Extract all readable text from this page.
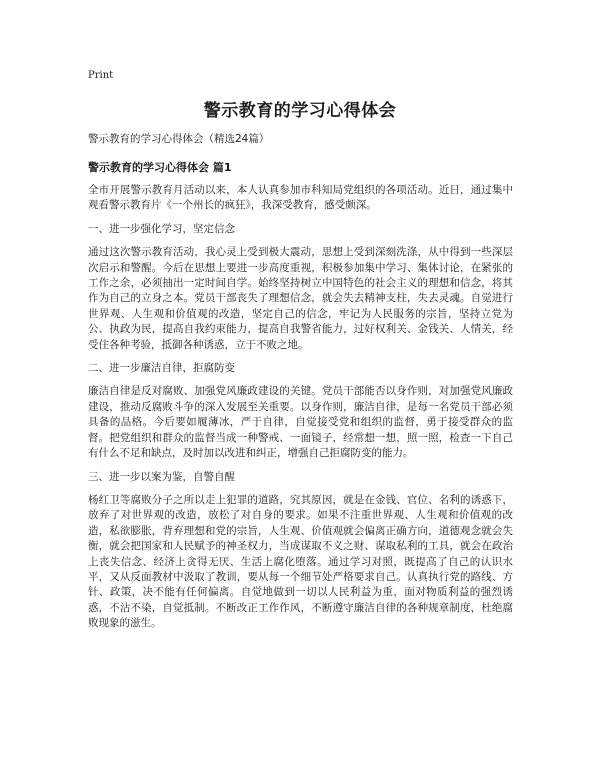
Print
警示教育的学习心得体会
警示教育的学习心得体会（精选24篇）
警示教育的学习心得体会 篇1

全市开展警示教育月活动以来，本人认真参加市科知局党组织的各项活动。近日，通过集中观看警示教育片《一个州长的疯狂》，我深受教育，感受颇深。

一、进一步强化学习，坚定信念

通过这次警示教育活动，我心灵上受到极大震动，思想上受到深刻洗涤，从中得到一些深层次启示和警醒。今后在思想上要进一步高度重视，积极参加集中学习、集体讨论，在紧张的工作之余，必须抽出一定时间自学。始终坚持树立中国特色的社会主义的理想和信念，将其作为自己的立身之本。党员干部丧失了理想信念，就会失去精神支柱，失去灵魂。自觉进行世界观、人生观和价值观的改造，坚定自己的信念，牢记为人民服务的宗旨，坚持立党为公、执政为民，提高自我约束能力，提高自我警省能力，过好权利关、金钱关、人情关，经受住各种考验，抵御各种诱惑，立于不败之地。

二、进一步廉洁自律，拒腐防变

廉洁自律是反对腐败、加强党风廉政建设的关键。党员干部能否以身作则，对加强党风廉政建设，推动反腐败斗争的深入发展至关重要。以身作则，廉洁自律，是每一名党员干部必须具备的品格。今后要如履薄冰，严于自律，自觉接受党和组织的监督，勇于接受群众的监督。把党组织和群众的监督当成一种警戒、一面镜子，经常想一想，照一照，检查一下自己有什么不足和缺点，及时加以改进和纠正，增强自己拒腐防变的能力。

三、进一步以案为鉴，自警自醒

杨红卫等腐败分子之所以走上犯罪的道路，究其原因，就是在金钱、官位、名利的诱惑下，放弃了对世界观的改造，放松了对自身的要求。如果不注重世界观、人生观和价值观的改造，私欲膨胀，背弃理想和党的宗旨，人生观、价值观就会偏离正确方向，道德观念就会失衡，就会把国家和人民赋予的神圣权力，当成谋取不义之财、谋取私利的工具，就会在政治上丧失信念、经济上贪得无厌、生活上腐化堕落。通过学习对照，既提高了自己的认识水平，又从反面教材中汲取了教训，要从每一个细节处严格要求自己。认真执行党的路线、方针、政策，决不能有任何偏离。自觉地做到一切以人民利益为重，面对物质利益的强烈诱惑，不沾不染，自觉抵制。不断改正工作作风，不断遵守廉洁自律的各种规章制度，杜绝腐败现象的滋生。
